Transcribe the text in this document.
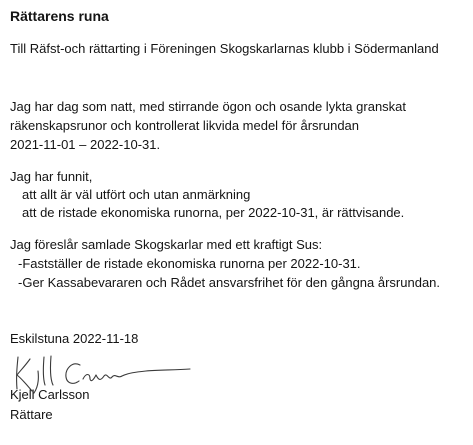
Rättarens runa
Till Räfst-och rättarting i Föreningen Skogskarlarnas klubb i Södermanland
Jag har dag som natt, med stirrande ögon och osande lykta granskat
räkenskapsrunor och kontrollerat likvida medel för årsrundan
2021-11-01 – 2022-10-31.
Jag har funnit,
att allt är väl utfört och utan anmärkning
att de ristade ekonomiska runorna, per 2022-10-31, är rättvisande.
Jag föreslår samlade Skogskarlar med ett kraftigt Sus:
-Fastställer de ristade ekonomiska runorna per 2022-10-31.
-Ger Kassabevararen och Rådet ansvarsfrihet för den gångna årsrundan.
Eskilstuna 2022-11-18
Kjell Carlsson
Rättare
